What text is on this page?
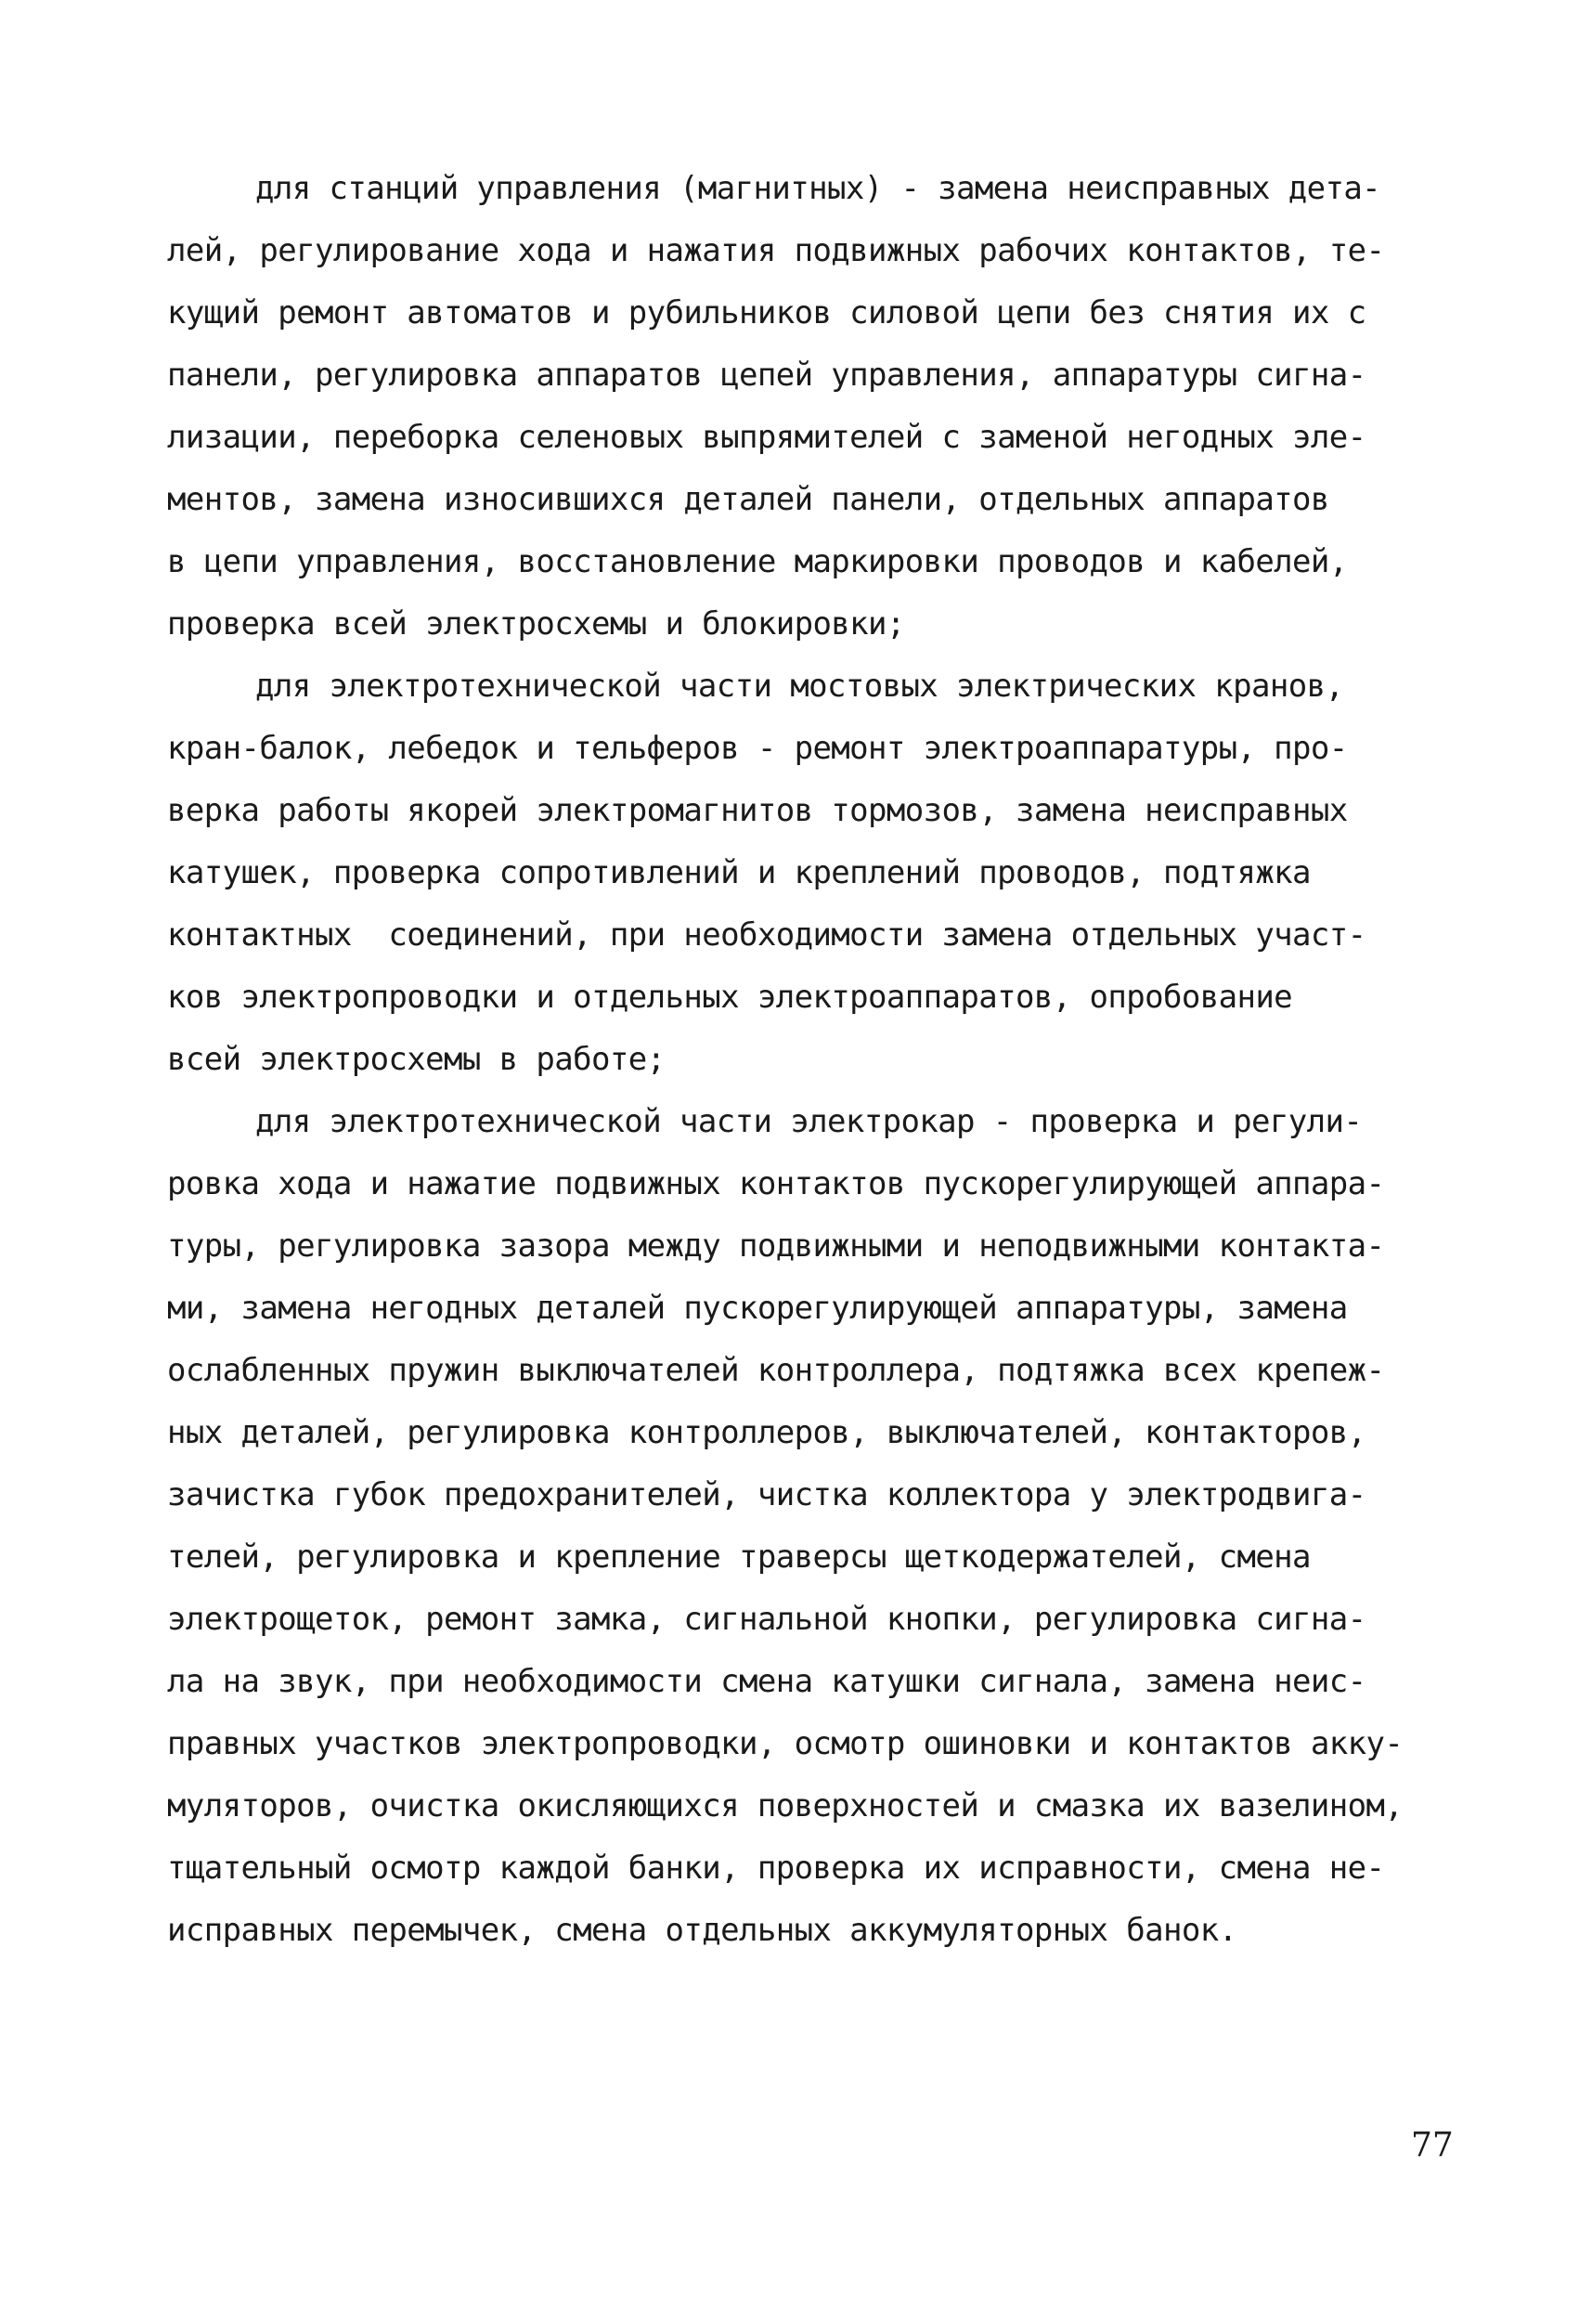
для станций управления (магнитных) - замена неисправных дета-
лей, регулирование хода и нажатия подвижных рабочих контактов, те-
кущий ремонт автоматов и рубильников силовой цепи без снятия их с
панели, регулировка аппаратов цепей управления, аппаратуры сигна-
лизации, переборка селеновых выпрямителей с заменой негодных эле-
ментов, замена износившихся деталей панели, отдельных аппаратов
в цепи управления, восстановление маркировки проводов и кабелей,
проверка всей электросхемы и блокировки;
для электротехнической части мостовых электрических кранов,
кран-балок, лебедок и тельферов - ремонт электроаппаратуры, про-
верка работы якорей электромагнитов тормозов, замена неисправных
катушек, проверка сопротивлений и креплений проводов, подтяжка
контактных  соединений, при необходимости замена отдельных участ-
ков электропроводки и отдельных электроаппаратов, опробование
всей электросхемы в работе;
для электротехнической части электрокар - проверка и регули-
ровка хода и нажатие подвижных контактов пускорегулирующей аппара-
туры, регулировка зазора между подвижными и неподвижными контакта-
ми, замена негодных деталей пускорегулирующей аппаратуры, замена
ослабленных пружин выключателей контроллера, подтяжка всех крепеж-
ных деталей, регулировка контроллеров, выключателей, контакторов,
зачистка губок предохранителей, чистка коллектора у электродвига-
телей, регулировка и крепление траверсы щеткодержателей, смена
электрощеток, ремонт замка, сигнальной кнопки, регулировка сигна-
ла на звук, при необходимости смена катушки сигнала, замена неис-
правных участков электропроводки, осмотр ошиновки и контактов акку-
муляторов, очистка окисляющихся поверхностей и смазка их вазелином,
тщательный осмотр каждой банки, проверка их исправности, смена не-
исправных перемычек, смена отдельных аккумуляторных банок.
77
